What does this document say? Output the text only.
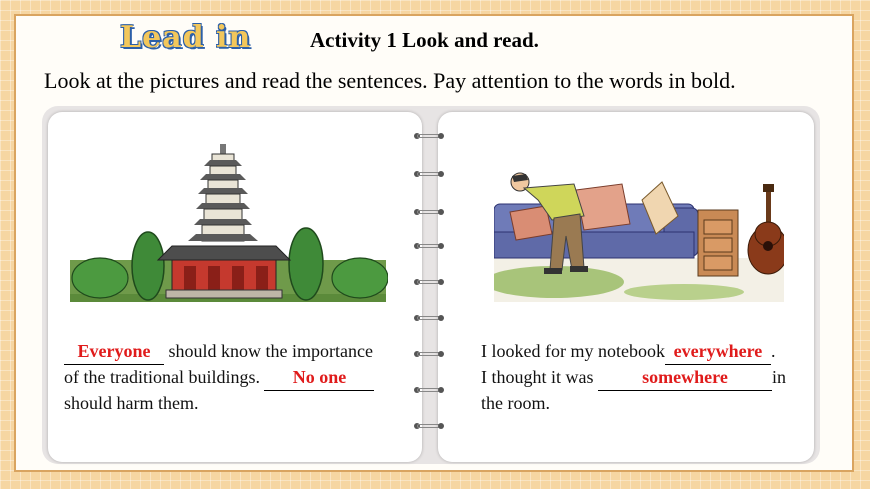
Lead in	Activity 1 Look and read.
Look at the pictures and read the sentences. Pay attention to the words in bold.
Everyone should know the importance
of the traditional buildings. No one
should harm them.
I looked for my notebook everywhere .
I thought it was somewhere in
the room.
